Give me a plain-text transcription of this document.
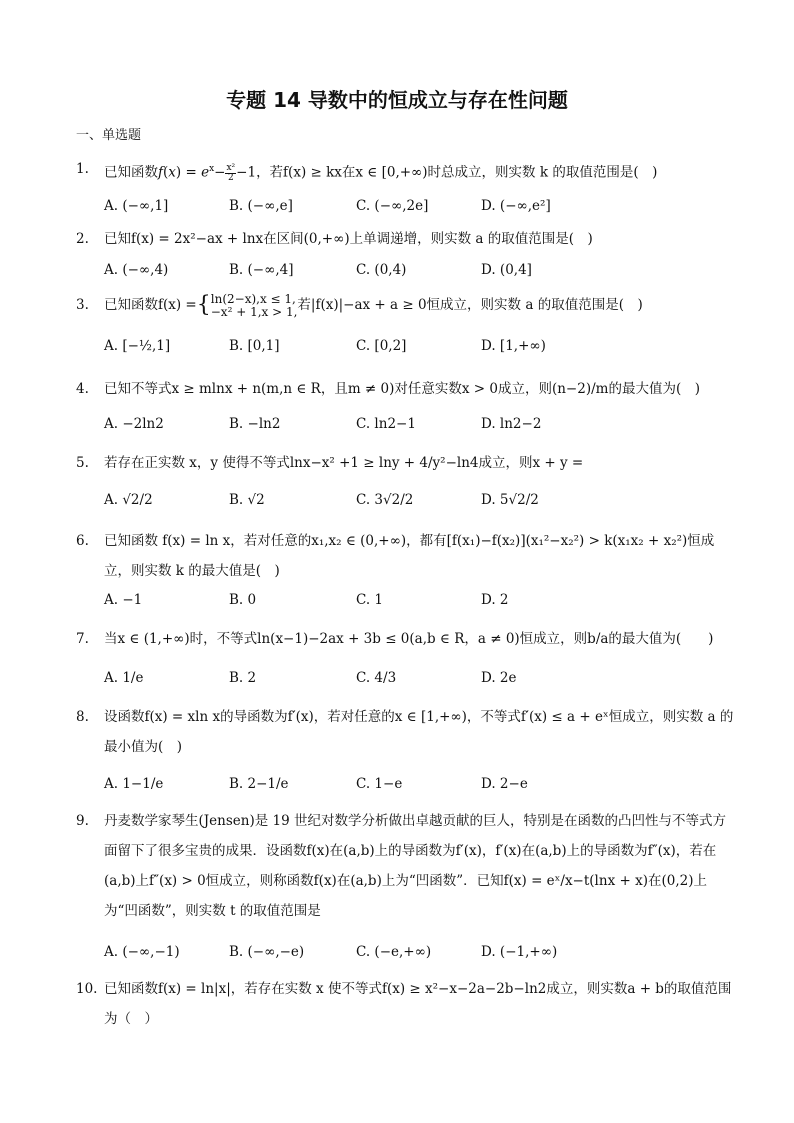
专题 14 导数中的恒成立与存在性问题
一、单选题
1.	已知函数$f(x) = e^x- \frac{\text{x²}}{2} -1$，若f(x) ≥ kx在x ∈ [0,+∞)时总成立，则实数 k 的取值范围是(　)
A. (−∞,1]	B. (−∞,e]	C. (−∞,2e]	D. (−∞,e²]
2.	已知f(x) = 2x²−ax + lnx在区间(0,+∞)上单调递增，则实数 a 的取值范围是(　)
A. (−∞,4)	B. (−∞,4]	C. (0,4)	D. (0,4]
3.	已知函数f(x) ={ ln(2−x),x ≤ 1,
−x² + 1,x > 1, 若|f(x)|−ax + a ≥ 0恒成立，则实数 a 的取值范围是(　)
A. [−½,1]	B. [0,1]	C. [0,2]	D. [1,+∞)
4.	已知不等式x ≥ mlnx + n(m,n ∈ R，且m ≠ 0)对任意实数x > 0成立，则(n−2)/m的最大值为(　)
A. −2ln2	B. −ln2	C. ln2−1	D. ln2−2
5.	若存在正实数 x，y 使得不等式lnx−x² +1 ≥ lny + 4/y²−ln4成立，则x + y =
A. √2/2	B. √2	C. 3√2/2	D. 5√2/2
6.	已知函数 f(x) = ln x，若对任意的x₁,x₂ ∈ (0,+∞)，都有[f(x₁)−f(x₂)](x₁²−x₂²) > k(x₁x₂ + x₂²)恒成立，则实数 k 的最大值是(　)
A. −1	B. 0	C. 1	D. 2
7.	当x ∈ (1,+∞)时，不等式ln(x−1)−2ax + 3b ≤ 0(a,b ∈ R，a ≠ 0)恒成立，则b/a的最大值为(　　)
A. 1/e	B. 2	C. 4/3	D. 2e
8.	设函数f(x) = xln x的导函数为f′(x)，若对任意的x ∈ [1,+∞)，不等式f′(x) ≤ a + eˣ恒成立，则实数 a 的最小值为(　)
A. 1−1/e	B. 2−1/e	C. 1−e	D. 2−e
9.	丹麦数学家琴生(Jensen)是 19 世纪对数学分析做出卓越贡献的巨人，特别是在函数的凸凹性与不等式方面留下了很多宝贵的成果．设函数f(x)在(a,b)上的导函数为f′(x)，f′(x)在(a,b)上的导函数为f″(x)，若在(a,b)上f″(x) > 0恒成立，则称函数f(x)在(a,b)上为“凹函数”．已知f(x) = eˣ/x−t(lnx + x)在(0,2)上为“凹函数”，则实数 t 的取值范围是
A. (−∞,−1)	B. (−∞,−e)	C. (−e,+∞)	D. (−1,+∞)
10. 已知函数f(x) = ln|x|，若存在实数 x 使不等式f(x) ≥ x²−x−2a−2b−ln2成立，则实数a + b的取值范围为（　）
